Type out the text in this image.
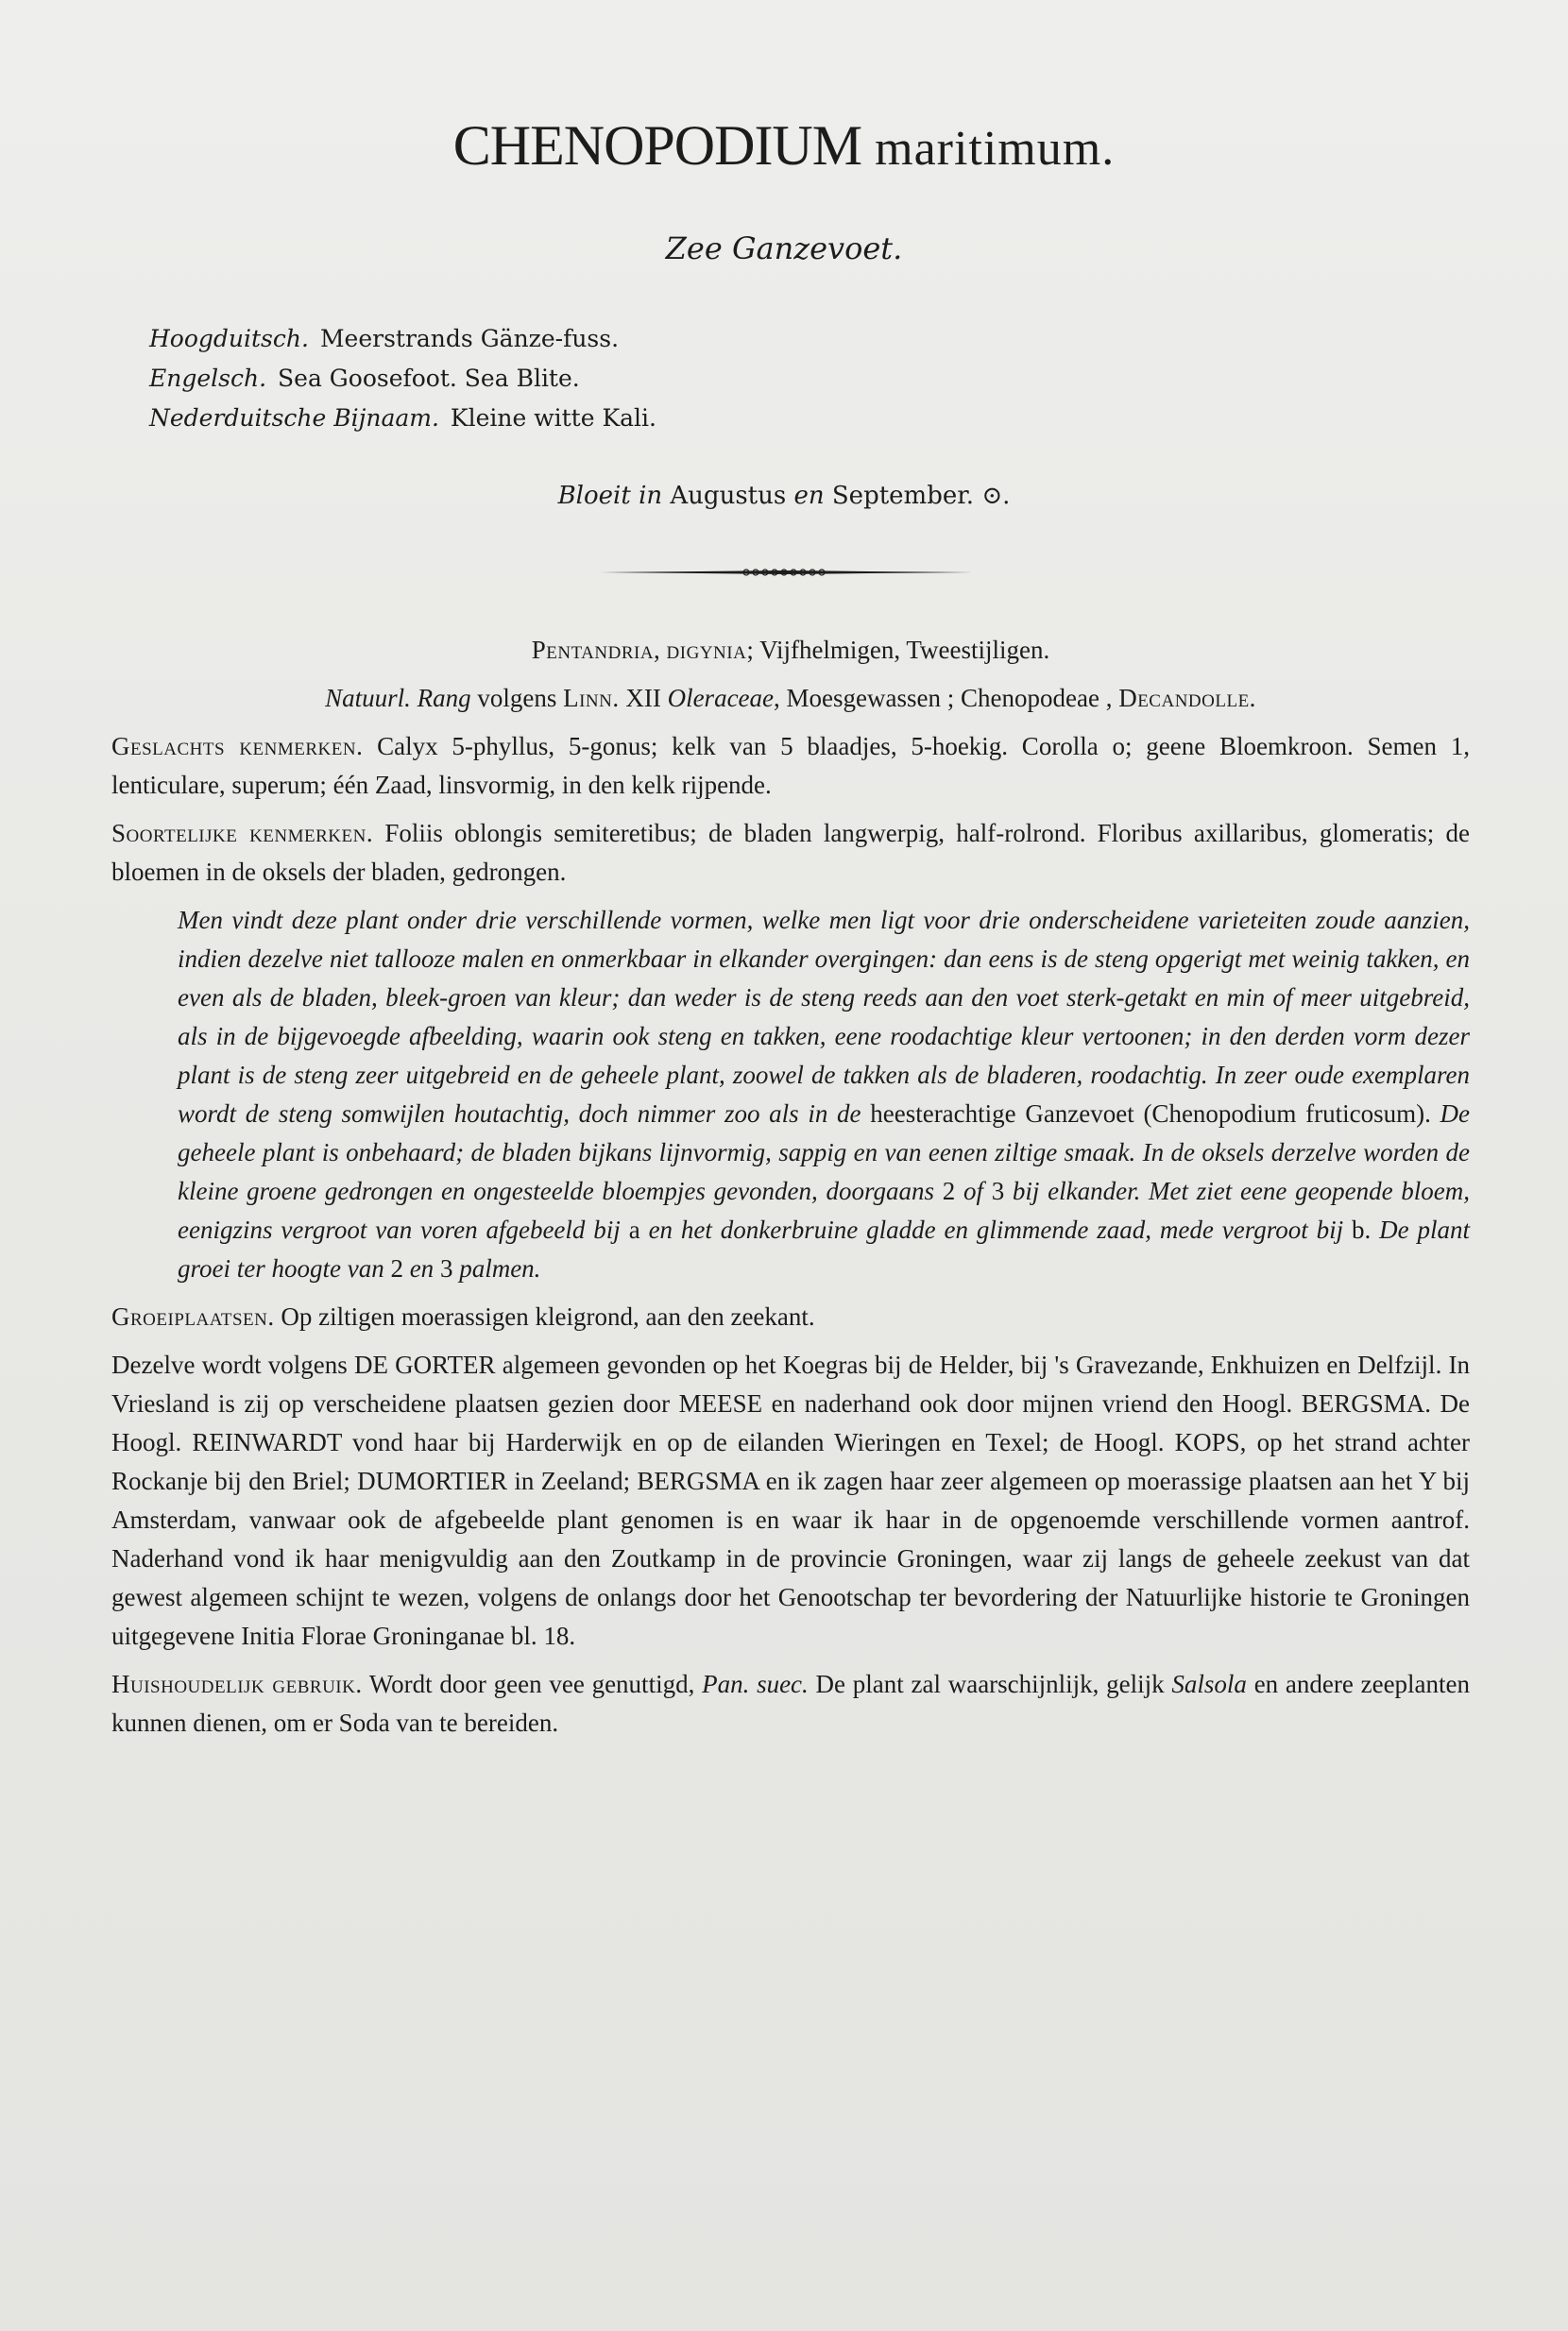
CHENOPODIUM maritimum.
Zee Ganzevoet.
Hoogduitsch. Meerstrands Gänze-fuss.
Engelsch. Sea Goosefoot. Sea Blite.
Nederduitsche Bijnaam. Kleine witte Kali.
Bloeit in Augustus en September. ⊙.

Pentandria, digynia; Vijfhelmigen, Tweestijligen.

Natuurl. Rang volgens Linn. XII Oleraceae, Moesgewassen ; Chenopodeae , Decandolle.

Geslachts kenmerken. Calyx 5-phyllus, 5-gonus; kelk van 5 blaadjes, 5-hoekig. Corolla o; geene Bloemkroon. Semen 1, lenticulare, superum; één Zaad, linsvormig, in den kelk rijpende.

Soortelijke kenmerken. Foliis oblongis semiteretibus; de bladen langwerpig, half-rolrond. Floribus axillaribus, glomeratis; de bloemen in de oksels der bladen, gedrongen.

Men vindt deze plant onder drie verschillende vormen, welke men ligt voor drie onderscheidene varieteiten zoude aanzien, indien dezelve niet tallooze malen en onmerkbaar in elkander overgingen: dan eens is de steng opgerigt met weinig takken, en even als de bladen, bleek-groen van kleur; dan weder is de steng reeds aan den voet sterk-getakt en min of meer uitgebreid, als in de bijgevoegde afbeelding, waarin ook steng en takken, eene roodachtige kleur vertoonen; in den derden vorm dezer plant is de steng zeer uitgebreid en de geheele plant, zoowel de takken als de bladeren, roodachtig. In zeer oude exemplaren wordt de steng somwijlen houtachtig, doch nimmer zoo als in de heesterachtige Ganzevoet (Chenopodium fruticosum). De geheele plant is onbehaard; de bladen bijkans lijnvormig, sappig en van eenen ziltige smaak. In de oksels derzelve worden de kleine groene gedrongen en ongesteelde bloempjes gevonden, doorgaans 2 of 3 bij elkander. Met ziet eene geopende bloem, eenigzins vergroot van voren afgebeeld bij a en het donkerbruine gladde en glimmende zaad, mede vergroot bij b. De plant groei ter hoogte van 2 en 3 palmen.

Groeiplaatsen. Op ziltigen moerassigen kleigrond, aan den zeekant.

Dezelve wordt volgens DE GORTER algemeen gevonden op het Koegras bij de Helder, bij 's Gravezande, Enkhuizen en Delfzijl. In Vriesland is zij op verscheidene plaatsen gezien door MEESE en naderhand ook door mijnen vriend den Hoogl. BERGSMA. De Hoogl. REINWARDT vond haar bij Harderwijk en op de eilanden Wieringen en Texel; de Hoogl. KOPS, op het strand achter Rockanje bij den Briel; DUMORTIER in Zeeland; BERGSMA en ik zagen haar zeer algemeen op moerassige plaatsen aan het Y bij Amsterdam, vanwaar ook de afgebeelde plant genomen is en waar ik haar in de opgenoemde verschillende vormen aantrof. Naderhand vond ik haar menigvuldig aan den Zoutkamp in de provincie Groningen, waar zij langs de geheele zeekust van dat gewest algemeen schijnt te wezen, volgens de onlangs door het Genootschap ter bevordering der Natuurlijke historie te Groningen uitgegevene Initia Florae Groninganae bl. 18.

Huishoudelijk gebruik. Wordt door geen vee genuttigd, Pan. suec. De plant zal waarschijnlijk, gelijk Salsola en andere zeeplanten kunnen dienen, om er Soda van te bereiden.
